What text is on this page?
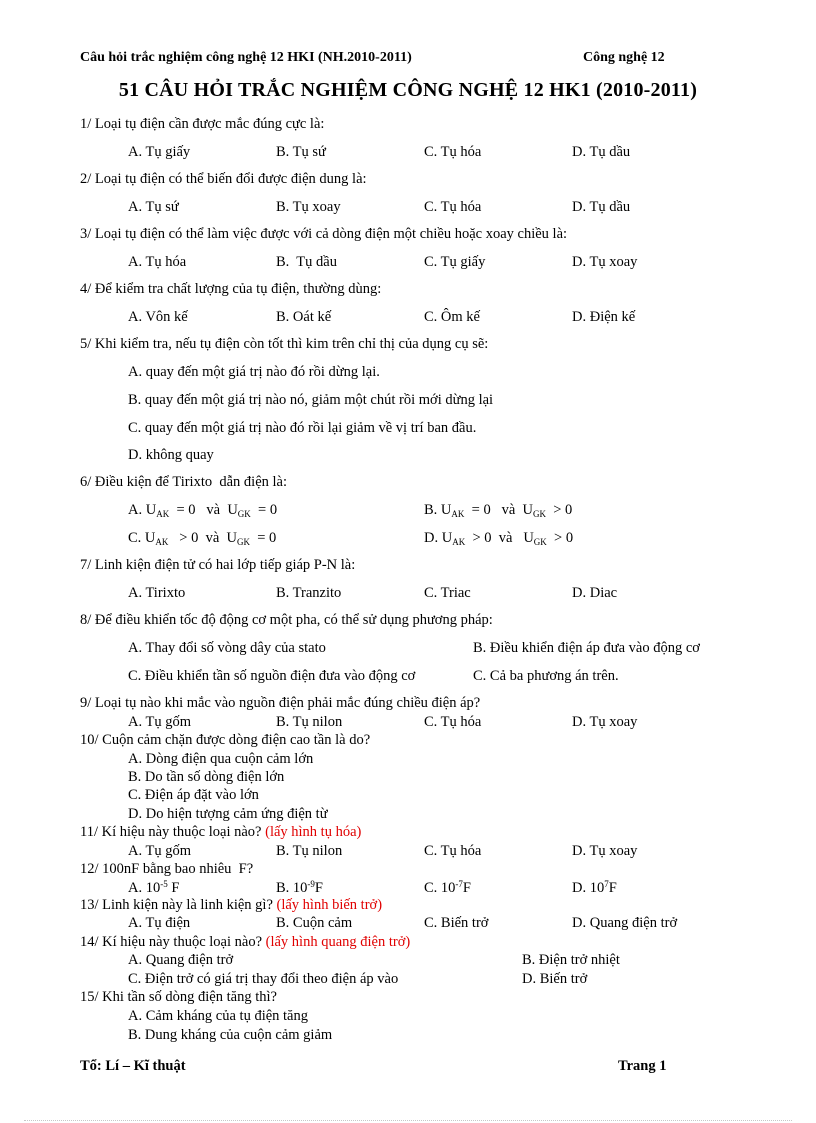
Câu hỏi trắc nghiệm công nghệ 12 HKI (NH.2010-2011)	Công nghệ 12
51 CÂU HỎI TRẮC NGHIỆM CÔNG NGHỆ 12 HK1 (2010-2011)
1/ Loại tụ điện cần được mắc đúng cực là:
A. Tụ giấy	B. Tụ sứ	C. Tụ hóa	D. Tụ dầu
2/ Loại tụ điện có thể biến đổi được điện dung là:
A. Tụ sứ	B. Tụ xoay	C. Tụ hóa	D. Tụ dầu
3/ Loại tụ điện có thể làm việc được với cả dòng điện một chiều hoặc xoay chiều là:
A. Tụ hóa	B.  Tụ dầu	C. Tụ giấy	D. Tụ xoay
4/ Để kiểm tra chất lượng của tụ điện, thường dùng:
A. Vôn kế	B. Oát kế	C. Ôm kế	D. Điện kế
5/ Khi kiểm tra, nếu tụ điện còn tốt thì kim trên chỉ thị của dụng cụ sẽ:
A. quay đến một giá trị nào đó rồi dừng lại.
B. quay đến một giá trị nào nó, giảm một chút rồi mới dừng lại
C. quay đến một giá trị nào đó rồi lại giảm về vị trí ban đầu.
D. không quay
6/ Điều kiện để Tirixto  dẫn điện là:
A. $U_{AK} = 0$   và  $U_{GK} = 0$	B. $U_{AK} = 0$   và  $U_{GK} > 0$
C. $U_{AK} > 0$  và  $U_{GK} = 0$	D. $U_{AK} > 0$  và   $U_{GK} > 0$
7/ Linh kiện điện tử có hai lớp tiếp giáp P-N là:
A. Tirixto	B. Tranzito	C. Triac	D. Diac
8/ Để điều khiển tốc độ động cơ một pha, có thể sử dụng phương pháp:
A. Thay đổi số vòng dây của stato	B. Điều khiển điện áp đưa vào động cơ
C. Điều khiển tần số nguồn điện đưa vào động cơ	C. Cả ba phương án trên.
9/ Loại tụ nào khi mắc vào nguồn điện phải mắc đúng chiều điện áp?
A. Tụ gốm	B. Tụ nilon	C. Tụ hóa	D. Tụ xoay
10/ Cuộn cảm chặn được dòng điện cao tần là do?
A. Dòng điện qua cuộn cảm lớn
B. Do tần số dòng điện lớn
C. Điện áp đặt vào lớn
D. Do hiện tượng cảm ứng điện từ
11/ Kí hiệu này thuộc loại nào? (lấy hình tụ hóa)
A. Tụ gốm	B. Tụ nilon	C. Tụ hóa	D. Tụ xoay
12/ 100nF bằng bao nhiêu  F?
A. $10^{-5}$ F	B. $10^{-9}F$	C. $10^{-7}F$	D. $10^7F$
13/ Linh kiện này là linh kiện gì? (lấy hình biến trở)
A. Tụ điện	B. Cuộn cảm	C. Biến trở	D. Quang điện trở
14/ Kí hiệu này thuộc loại nào? (lấy hình quang điện trở)
A. Quang điện trở	B. Điện trở nhiệt
C. Điện trở có giá trị thay đổi theo điện áp vào	D. Biến trở
15/ Khi tần số dòng điện tăng thì?
A. Cảm kháng của tụ điện tăng
B. Dung kháng của cuộn cảm giảm
Tổ: Lí – Kĩ thuật	Trang 1
